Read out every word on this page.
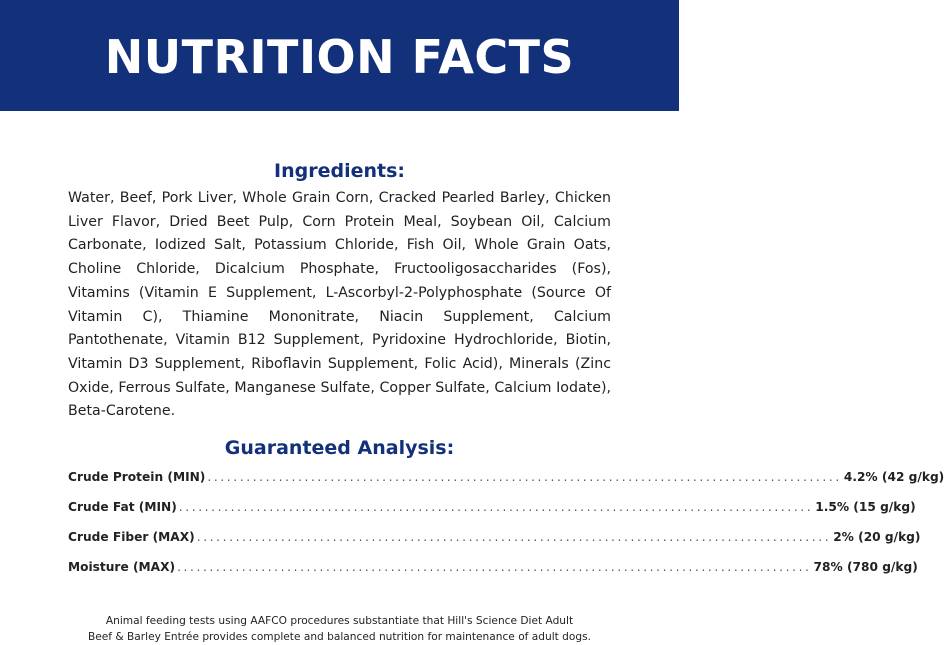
NUTRITION FACTS
Ingredients:

Water, Beef, Pork Liver, Whole Grain Corn, Cracked Pearled Barley, Chicken Liver Flavor, Dried Beet Pulp, Corn Protein Meal, Soybean Oil, Calcium Carbonate, Iodized Salt, Potassium Chloride, Fish Oil, Whole Grain Oats, Choline Chloride, Dicalcium Phosphate, Fructooligosaccharides (Fos), Vitamins (Vitamin E Supplement, L-Ascorbyl-2-Polyphosphate (Source Of Vitamin C), Thiamine Mononitrate, Niacin Supplement, Calcium Pantothenate, Vitamin B12 Supplement, Pyridoxine Hydrochloride, Biotin, Vitamin D3 Supplement, Riboflavin Supplement, Folic Acid), Minerals (Zinc Oxide, Ferrous Sulfate, Manganese Sulfate, Copper Sulfate, Calcium Iodate), Beta-Carotene.

Guaranteed Analysis:
Crude Protein (MIN) .................................................................................................. 4.2% (42 g/kg)
Crude Fat (MIN) .................................................................................................. 1.5% (15 g/kg)
Crude Fiber (MAX) .................................................................................................. 2% (20 g/kg)
Moisture (MAX) .................................................................................................. 78% (780 g/kg)
Animal feeding tests using AAFCO procedures substantiate that Hill's Science Diet Adult
Beef & Barley Entrée provides complete and balanced nutrition for maintenance of adult dogs.
